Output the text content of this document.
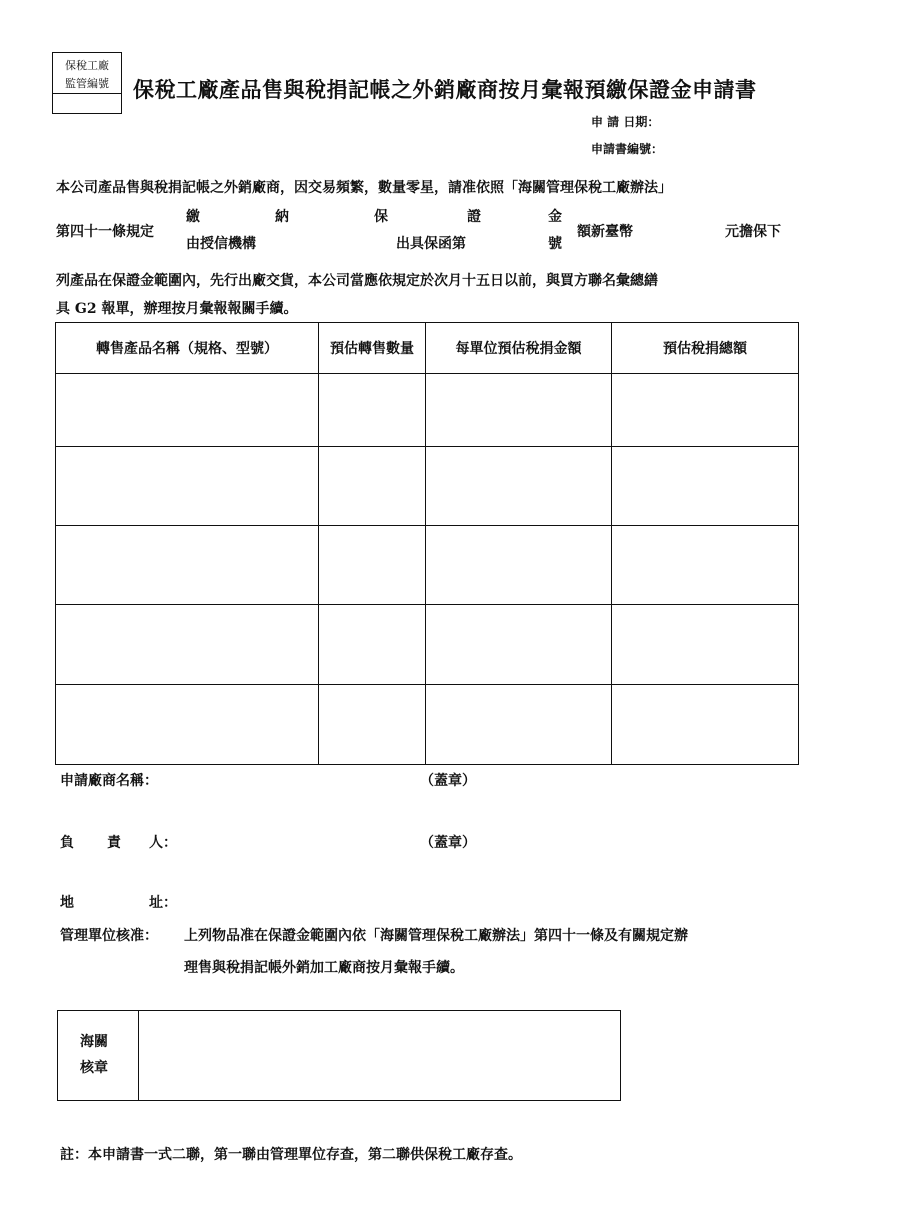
保稅工廠
監管編號	保稅工廠產品售與稅捐記帳之外銷廠商按月彙報預繳保證金申請書
申 請 日期：
申請書編號：
本公司產品售與稅捐記帳之外銷廠商，因交易頻繁，數量零星，請准依照「海關管理保稅工廠辦法」
第四十一條規定
繳	納	保	證	金
由授信機構	出具保函第	號
額新臺幣	元擔保下
列產品在保證金範圍內，先行出廠交貨，本公司當應依規定於次月十五日以前，與買方聯名彙總繕
具 G2 報單，辦理按月彙報報關手續。
轉售產品名稱（規格、型號）	預估轉售數量	每單位預估稅捐金額	預估稅捐總額

申請廠商名稱：	（蓋章）
負 責 人：	（蓋章）
地	址：
管理單位核准： 上列物品准在保證金範圍內依「海關管理保稅工廠辦法」第四十一條及有關規定辦
理售與稅捐記帳外銷加工廠商按月彙報手續。
海關
核章
註：本申請書一式二聯，第一聯由管理單位存查，第二聯供保稅工廠存查。
